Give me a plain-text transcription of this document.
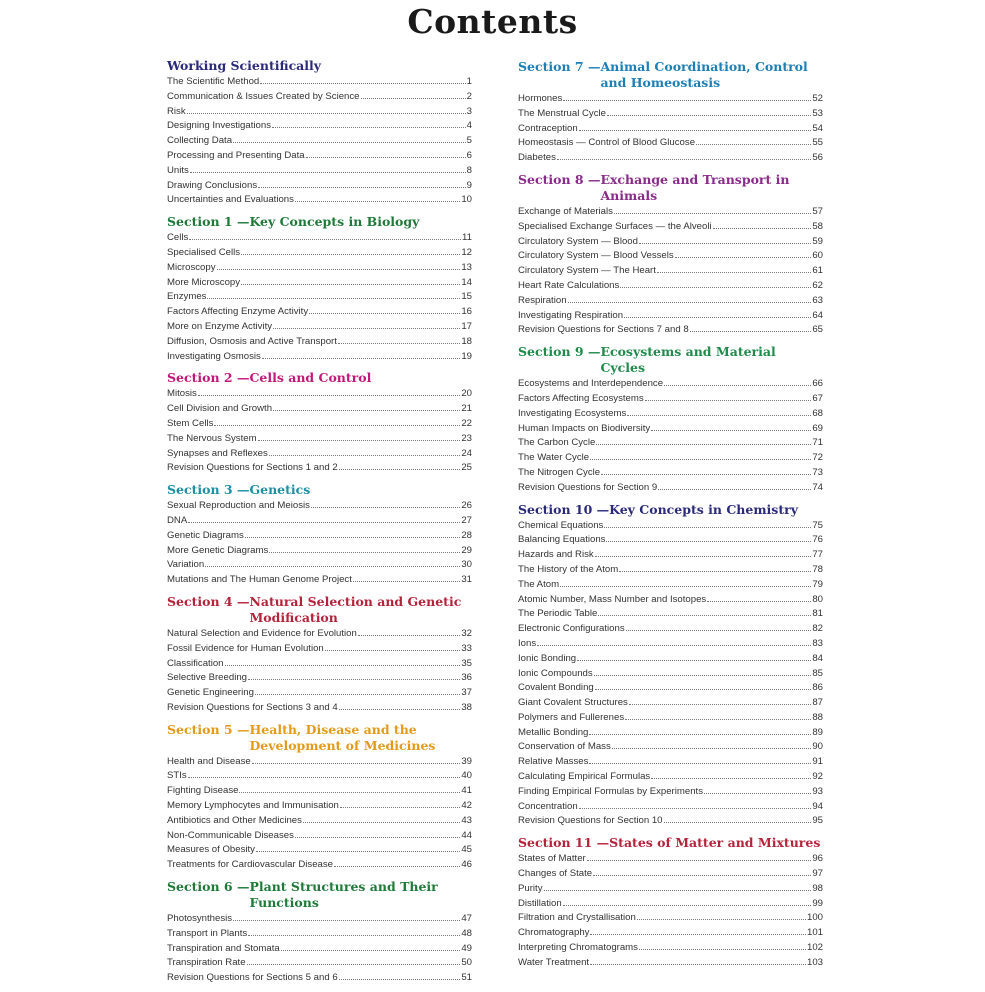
Contents
Working Scientifically
The Scientific Method	1
Communication & Issues Created by Science	2
Risk	3
Designing Investigations	4
Collecting Data	5
Processing and Presenting Data	6
Units	8
Drawing Conclusions	9
Uncertainties and Evaluations	10
Section 1 — Key Concepts in Biology
Cells	11
Specialised Cells	12
Microscopy	13
More Microscopy	14
Enzymes	15
Factors Affecting Enzyme Activity	16
More on Enzyme Activity	17
Diffusion, Osmosis and Active Transport	18
Investigating Osmosis	19
Section 2 — Cells and Control
Mitosis	20
Cell Division and Growth	21
Stem Cells	22
The Nervous System	23
Synapses and Reflexes	24
Revision Questions for Sections 1 and 2	25
Section 3 — Genetics
Sexual Reproduction and Meiosis	26
DNA	27
Genetic Diagrams	28
More Genetic Diagrams	29
Variation	30
Mutations and The Human Genome Project	31
Section 4 — Natural Selection and Genetic Modification
Natural Selection and Evidence for Evolution	32
Fossil Evidence for Human Evolution	33
Classification	35
Selective Breeding	36
Genetic Engineering	37
Revision Questions for Sections 3 and 4	38
Section 5 — Health, Disease and the Development of Medicines
Health and Disease	39
STIs	40
Fighting Disease	41
Memory Lymphocytes and Immunisation	42
Antibiotics and Other Medicines	43
Non-Communicable Diseases	44
Measures of Obesity	45
Treatments for Cardiovascular Disease	46
Section 6 — Plant Structures and Their Functions
Photosynthesis	47
Transport in Plants	48
Transpiration and Stomata	49
Transpiration Rate	50
Revision Questions for Sections 5 and 6	51
Section 7 — Animal Coordination, Control and Homeostasis
Hormones	52
The Menstrual Cycle	53
Contraception	54
Homeostasis — Control of Blood Glucose	55
Diabetes	56
Section 8 — Exchange and Transport in Animals
Exchange of Materials	57
Specialised Exchange Surfaces — the Alveoli	58
Circulatory System — Blood	59
Circulatory System — Blood Vessels	60
Circulatory System — The Heart	61
Heart Rate Calculations	62
Respiration	63
Investigating Respiration	64
Revision Questions for Sections 7 and 8	65
Section 9 — Ecosystems and Material Cycles
Ecosystems and Interdependence	66
Factors Affecting Ecosystems	67
Investigating Ecosystems	68
Human Impacts on Biodiversity	69
The Carbon Cycle	71
The Water Cycle	72
The Nitrogen Cycle	73
Revision Questions for Section 9	74
Section 10 — Key Concepts in Chemistry
Chemical Equations	75
Balancing Equations	76
Hazards and Risk	77
The History of the Atom	78
The Atom	79
Atomic Number, Mass Number and Isotopes	80
The Periodic Table	81
Electronic Configurations	82
Ions	83
Ionic Bonding	84
Ionic Compounds	85
Covalent Bonding	86
Giant Covalent Structures	87
Polymers and Fullerenes	88
Metallic Bonding	89
Conservation of Mass	90
Relative Masses	91
Calculating Empirical Formulas	92
Finding Empirical Formulas by Experiments	93
Concentration	94
Revision Questions for Section 10	95
Section 11 — States of Matter and Mixtures
States of Matter	96
Changes of State	97
Purity	98
Distillation	99
Filtration and Crystallisation	100
Chromatography	101
Interpreting Chromatograms	102
Water Treatment	103
